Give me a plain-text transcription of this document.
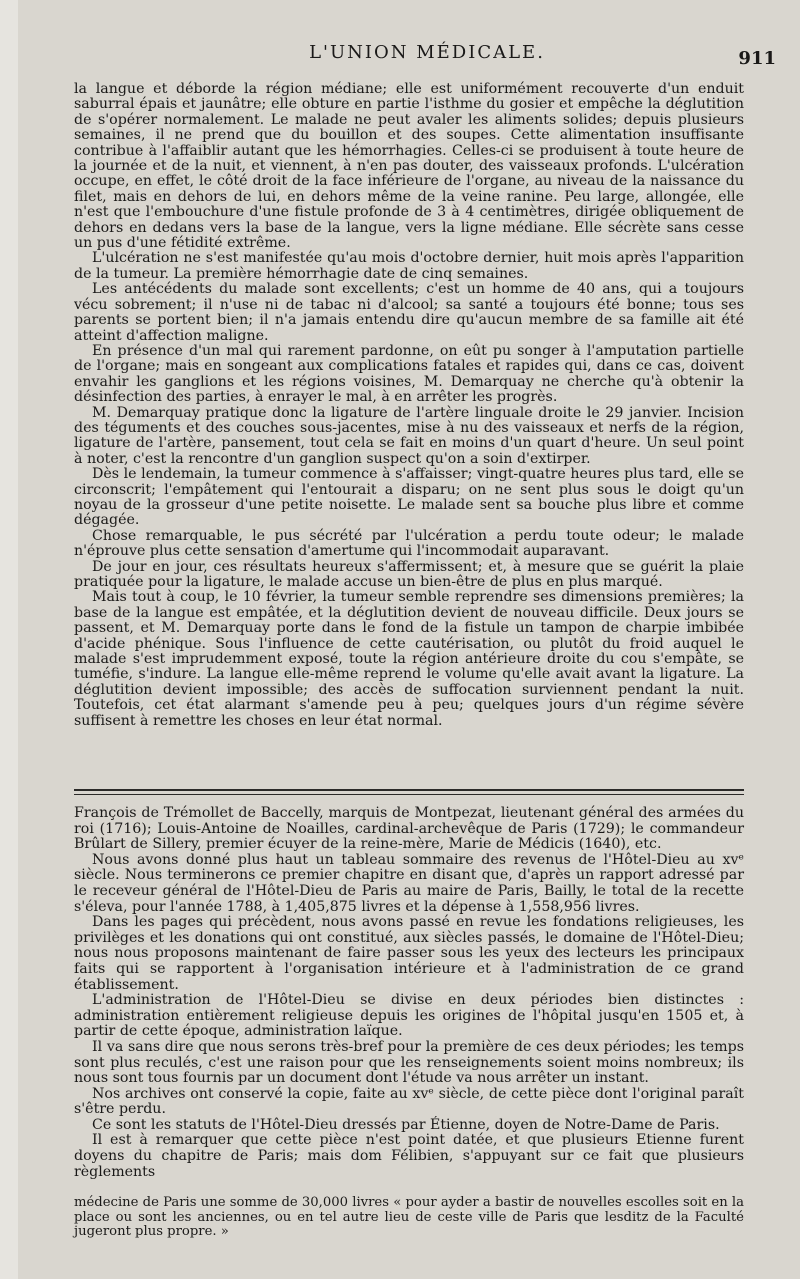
L'UNION MÉDICALE.	911

la langue et déborde la région médiane; elle est uniformément recouverte d'un enduit saburral épais et jaunâtre; elle obture en partie l'isthme du gosier et empêche la déglutition de s'opérer normalement. Le malade ne peut avaler les aliments solides; depuis plusieurs semaines, il ne prend que du bouillon et des soupes. Cette alimentation insuffisante contribue à l'affaiblir autant que les hémorrhagies. Celles-ci se produisent à toute heure de la journée et de la nuit, et viennent, à n'en pas douter, des vaisseaux profonds. L'ulcération occupe, en effet, le côté droit de la face inférieure de l'organe, au niveau de la naissance du filet, mais en dehors de lui, en dehors même de la veine ranine. Peu large, allongée, elle n'est que l'embouchure d'une fistule profonde de 3 à 4 centimètres, dirigée obliquement de dehors en dedans vers la base de la langue, vers la ligne médiane. Elle sécrète sans cesse un pus d'une fétidité extrême.

L'ulcération ne s'est manifestée qu'au mois d'octobre dernier, huit mois après l'apparition de la tumeur. La première hémorrhagie date de cinq semaines.

Les antécédents du malade sont excellents; c'est un homme de 40 ans, qui a toujours vécu sobrement; il n'use ni de tabac ni d'alcool; sa santé a toujours été bonne; tous ses parents se portent bien; il n'a jamais entendu dire qu'aucun membre de sa famille ait été atteint d'affection maligne.

En présence d'un mal qui rarement pardonne, on eût pu songer à l'amputation partielle de l'organe; mais en songeant aux complications fatales et rapides qui, dans ce cas, doivent envahir les ganglions et les régions voisines, M. Demarquay ne cherche qu'à obtenir la désinfection des parties, à enrayer le mal, à en arrêter les progrès.

M. Demarquay pratique donc la ligature de l'artère linguale droite le 29 janvier. Incision des téguments et des couches sous-jacentes, mise à nu des vaisseaux et nerfs de la région, ligature de l'artère, pansement, tout cela se fait en moins d'un quart d'heure. Un seul point à noter, c'est la rencontre d'un ganglion suspect qu'on a soin d'extirper.

Dès le lendemain, la tumeur commence à s'affaisser; vingt-quatre heures plus tard, elle se circonscrit; l'empâtement qui l'entourait a disparu; on ne sent plus sous le doigt qu'un noyau de la grosseur d'une petite noisette. Le malade sent sa bouche plus libre et comme dégagée.

Chose remarquable, le pus sécrété par l'ulcération a perdu toute odeur; le malade n'éprouve plus cette sensation d'amertume qui l'incommodait auparavant.

De jour en jour, ces résultats heureux s'affermissent; et, à mesure que se guérit la plaie pratiquée pour la ligature, le malade accuse un bien-être de plus en plus marqué.

Mais tout à coup, le 10 février, la tumeur semble reprendre ses dimensions premières; la base de la langue est empâtée, et la déglutition devient de nouveau difficile. Deux jours se passent, et M. Demarquay porte dans le fond de la fistule un tampon de charpie imbibée d'acide phénique. Sous l'influence de cette cautérisation, ou plutôt du froid auquel le malade s'est imprudemment exposé, toute la région antérieure droite du cou s'empâte, se tuméfie, s'indure. La langue elle-même reprend le volume qu'elle avait avant la ligature. La déglutition devient impossible; des accès de suffocation surviennent pendant la nuit. Toutefois, cet état alarmant s'amende peu à peu; quelques jours d'un régime sévère suffisent à remettre les choses en leur état normal.

François de Trémollet de Baccelly, marquis de Montpezat, lieutenant général des armées du roi (1716); Louis-Antoine de Noailles, cardinal-archevêque de Paris (1729); le commandeur Brûlart de Sillery, premier écuyer de la reine-mère, Marie de Médicis (1640), etc.

Nous avons donné plus haut un tableau sommaire des revenus de l'Hôtel-Dieu au xvᵉ siècle. Nous terminerons ce premier chapitre en disant que, d'après un rapport adressé par le receveur général de l'Hôtel-Dieu de Paris au maire de Paris, Bailly, le total de la recette s'éleva, pour l'année 1788, à 1,405,875 livres et la dépense à 1,558,956 livres.

Dans les pages qui précèdent, nous avons passé en revue les fondations religieuses, les privilèges et les donations qui ont constitué, aux siècles passés, le domaine de l'Hôtel-Dieu; nous nous proposons maintenant de faire passer sous les yeux des lecteurs les principaux faits qui se rapportent à l'organisation intérieure et à l'administration de ce grand établissement.

L'administration de l'Hôtel-Dieu se divise en deux périodes bien distinctes : administration entièrement religieuse depuis les origines de l'hôpital jusqu'en 1505 et, à partir de cette époque, administration laïque.

Il va sans dire que nous serons très-bref pour la première de ces deux périodes; les temps sont plus reculés, c'est une raison pour que les renseignements soient moins nombreux; ils nous sont tous fournis par un document dont l'étude va nous arrêter un instant.

Nos archives ont conservé la copie, faite au xvᵉ siècle, de cette pièce dont l'original paraît s'être perdu.

Ce sont les statuts de l'Hôtel-Dieu dressés par Étienne, doyen de Notre-Dame de Paris.

Il est à remarquer que cette pièce n'est point datée, et que plusieurs Etienne furent doyens du chapitre de Paris; mais dom Félibien, s'appuyant sur ce fait que plusieurs règlements

médecine de Paris une somme de 30,000 livres « pour ayder a bastir de nouvelles escolles soit en la place ou sont les anciennes, ou en tel autre lieu de ceste ville de Paris que lesditz de la Faculté jugeront plus propre. »
